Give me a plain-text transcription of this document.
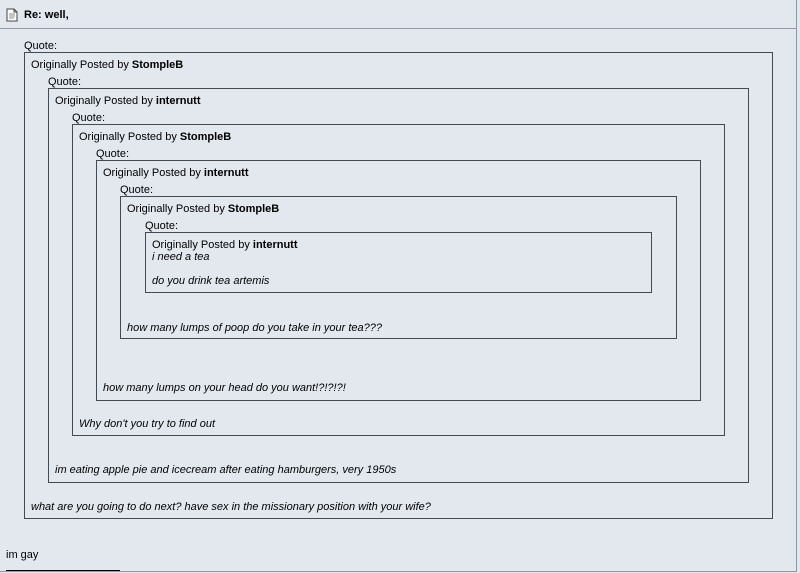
Re: well,
Quote:
Originally Posted by StompleB
what are you going to do next? have sex in the missionary position with your wife?
Quote:
Originally Posted by internutt
im eating apple pie and icecream after eating hamburgers, very 1950s
Quote:
Originally Posted by StompleB
Why don't you try to find out
Quote:
Originally Posted by internutt
how many lumps on your head do you want!?!?!?!
Quote:
Originally Posted by StompleB
how many lumps of poop do you take in your tea???
Quote:
Originally Posted by internutt
i need a tea
do you drink tea artemis
im gay
